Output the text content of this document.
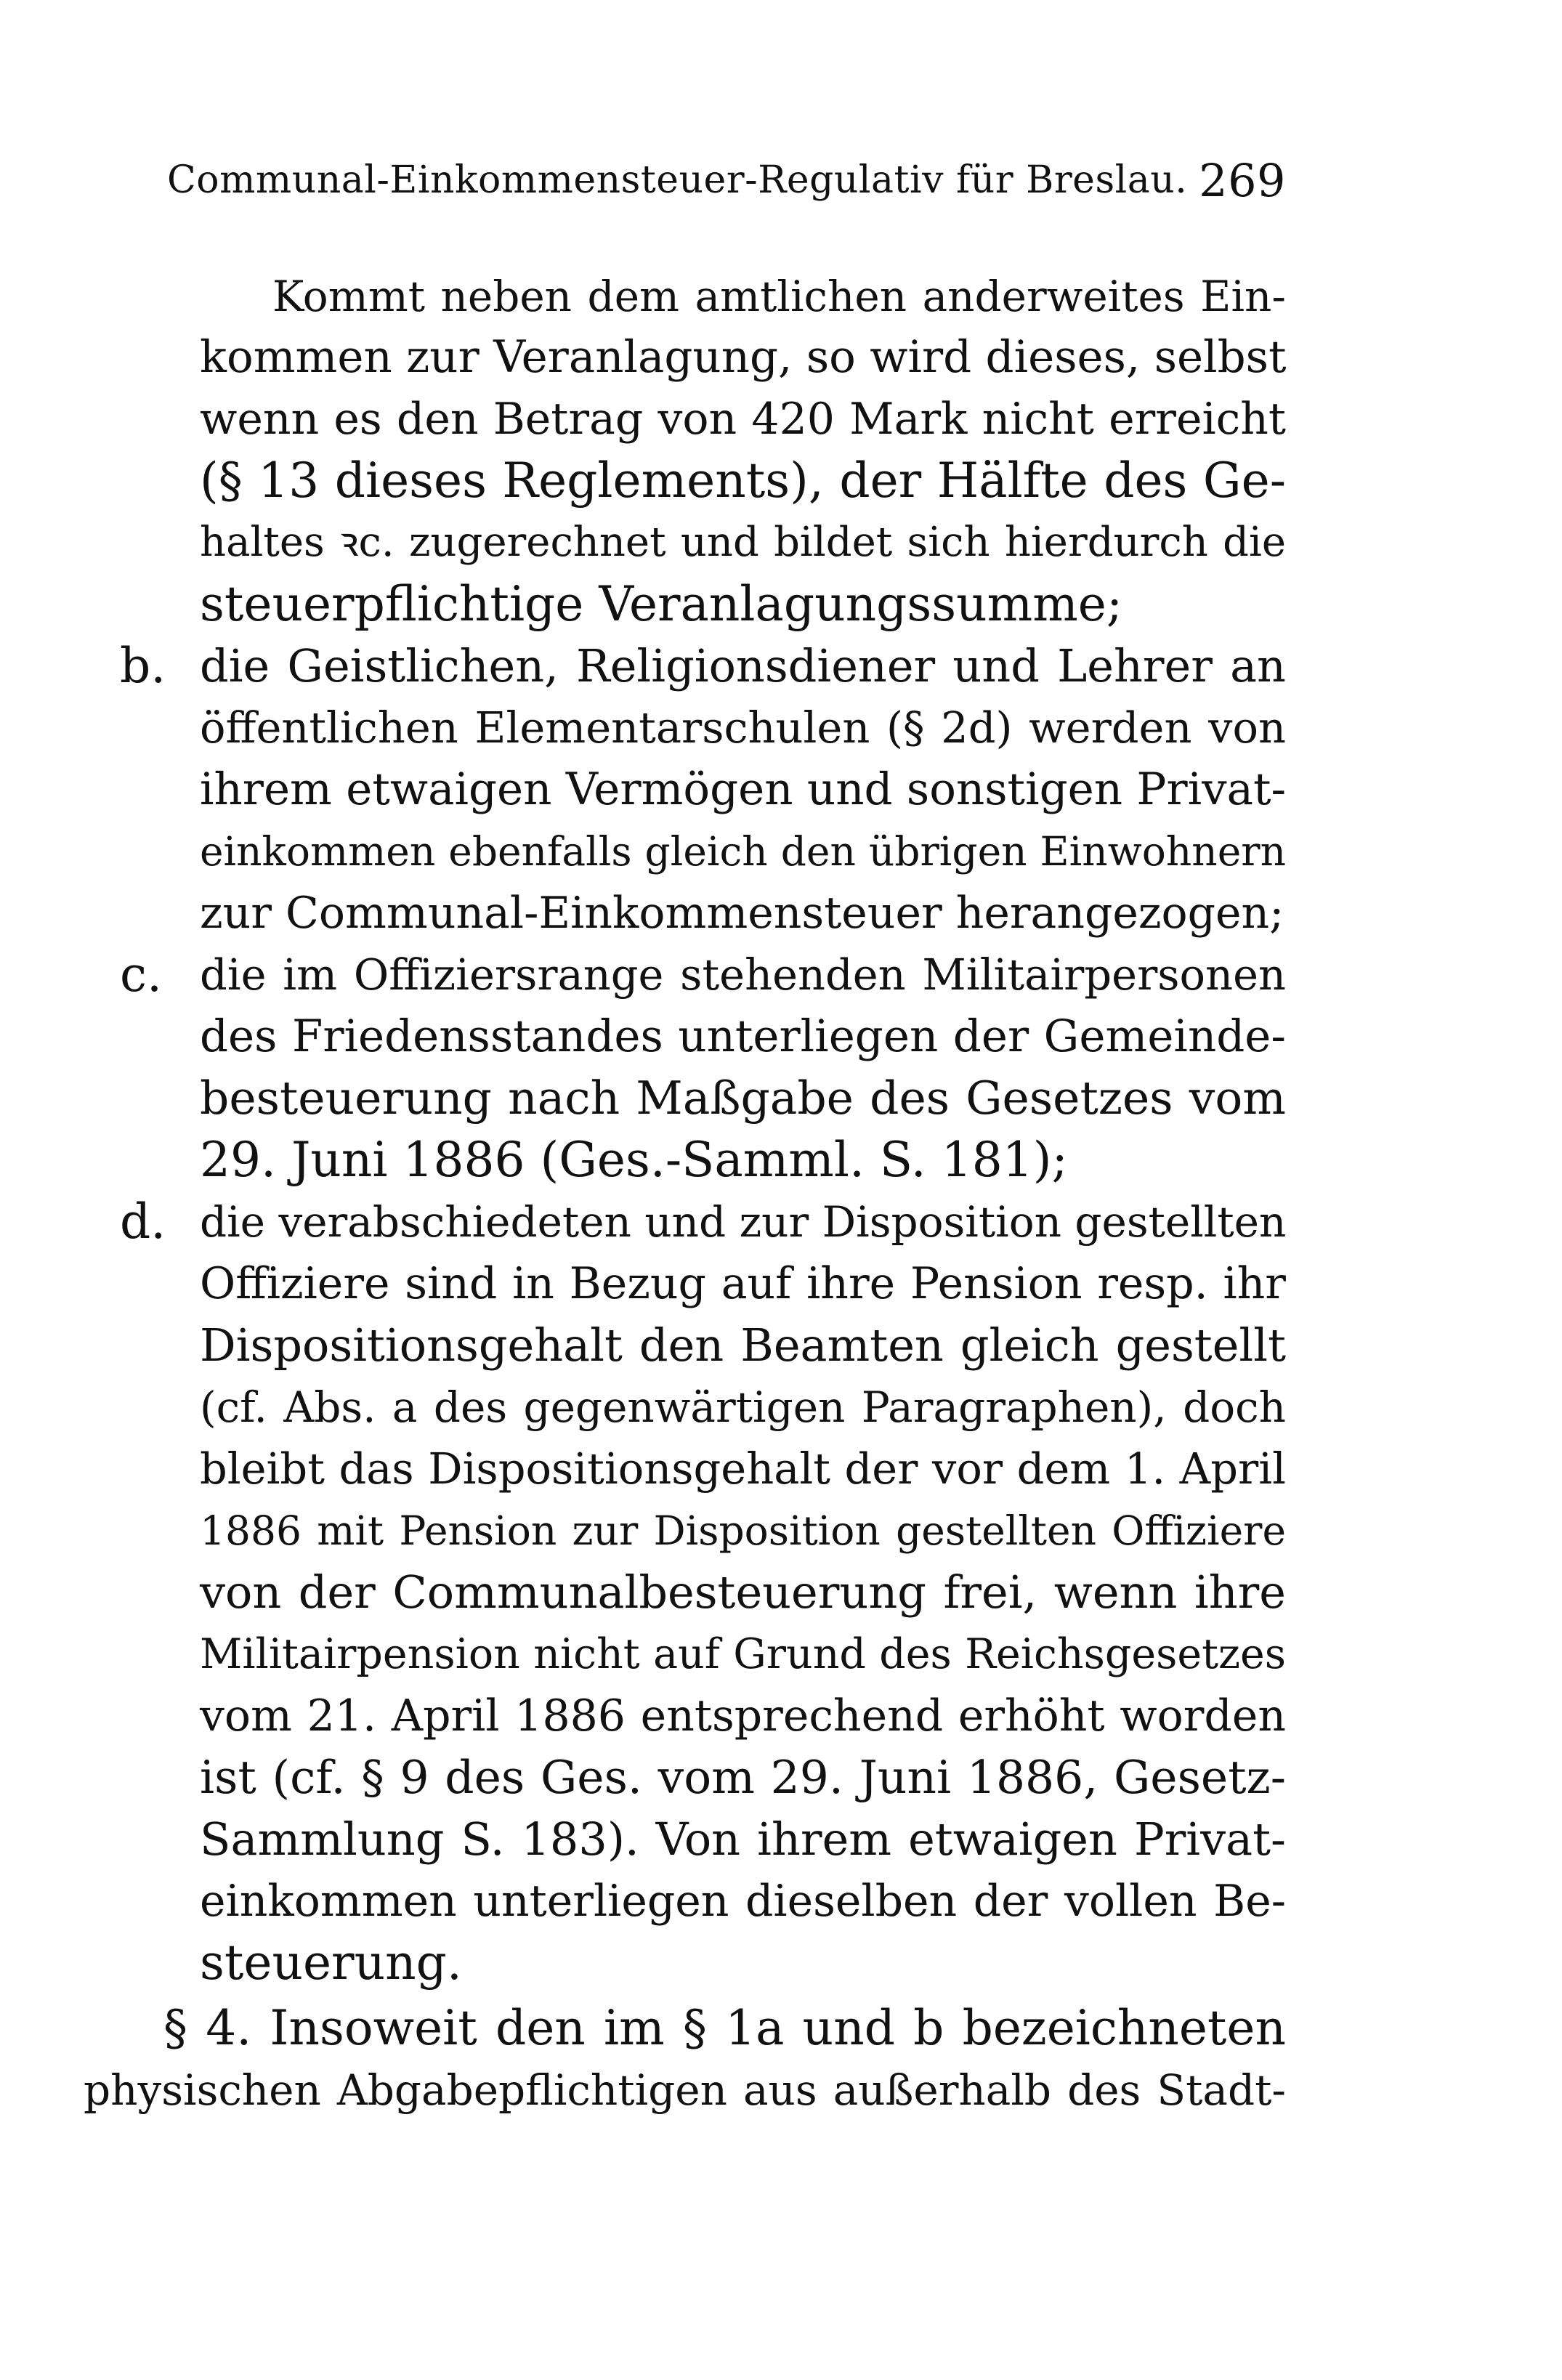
Communal-Einkommensteuer-Regulativ für Breslau. 269
Kommt neben dem amtlichen anderweites Ein-
kommen zur Veranlagung, so wird dieses, selbst
wenn es den Betrag von 420 Mark nicht erreicht
(§ 13 dieses Reglements), der Hälfte des Ge-
haltes ꝛc. zugerechnet und bildet sich hierdurch die
steuerpflichtige Veranlagungssumme;
b. die Geistlichen, Religionsdiener und Lehrer an
öffentlichen Elementarschulen (§ 2d) werden von
ihrem etwaigen Vermögen und sonstigen Privat-
einkommen ebenfalls gleich den übrigen Einwohnern
zur Communal-Einkommensteuer herangezogen;
c. die im Offiziersrange stehenden Militairpersonen
des Friedensstandes unterliegen der Gemeinde-
besteuerung nach Maßgabe des Gesetzes vom
29. Juni 1886 (Ges.-Samml. S. 181);
d. die verabschiedeten und zur Disposition gestellten
Offiziere sind in Bezug auf ihre Pension resp. ihr
Dispositionsgehalt den Beamten gleich gestellt
(cf. Abs. a des gegenwärtigen Paragraphen), doch
bleibt das Dispositionsgehalt der vor dem 1. April
1886 mit Pension zur Disposition gestellten Offiziere
von der Communalbesteuerung frei, wenn ihre
Militairpension nicht auf Grund des Reichsgesetzes
vom 21. April 1886 entsprechend erhöht worden
ist (cf. § 9 des Ges. vom 29. Juni 1886, Gesetz-
Sammlung S. 183). Von ihrem etwaigen Privat-
einkommen unterliegen dieselben der vollen Be-
steuerung.
§ 4. Insoweit den im § 1a und b bezeichneten
physischen Abgabepflichtigen aus außerhalb des Stadt-
